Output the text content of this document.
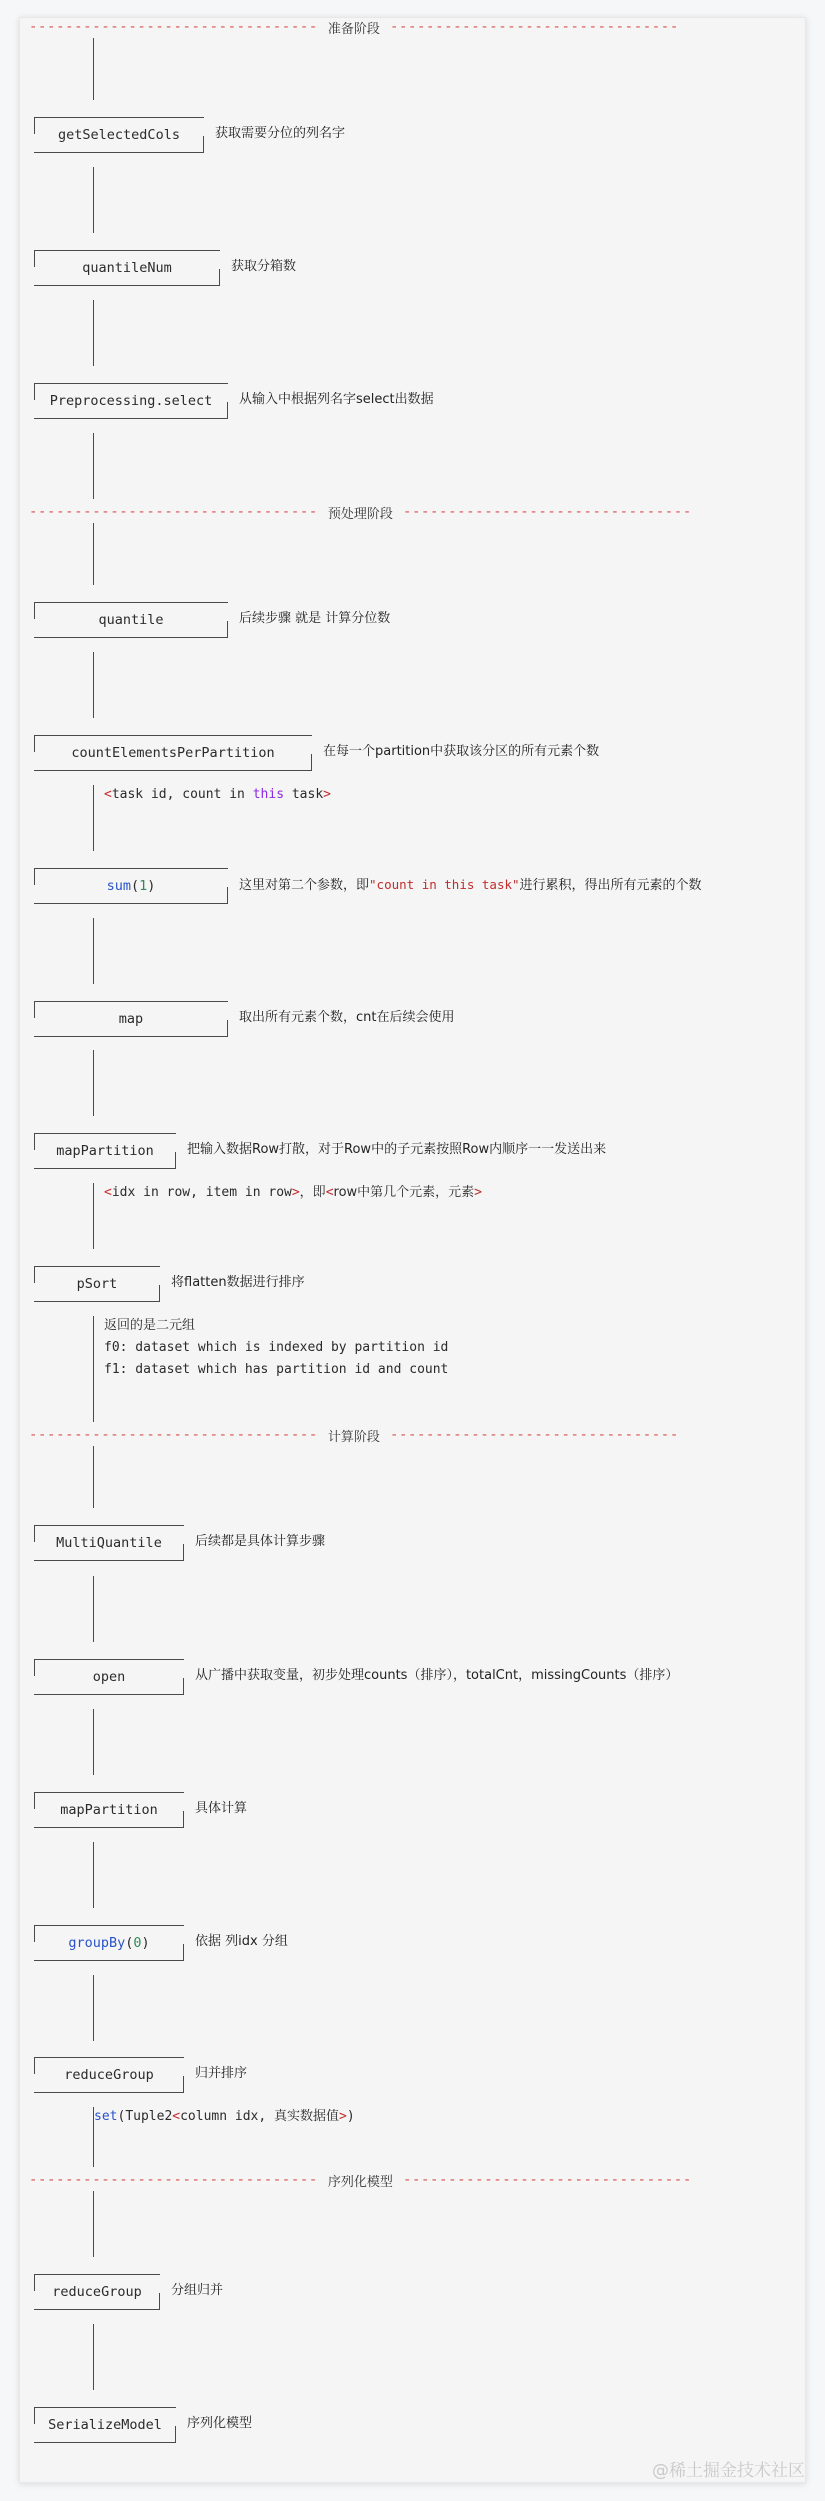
-------------------------------- 准备阶段 --------------------------------
-------------------------------- 预处理阶段 --------------------------------
-------------------------------- 计算阶段 --------------------------------
-------------------------------- 序列化模型 --------------------------------
getSelectedCols	获取需要分位的列名字
quantileNum	获取分箱数
Preprocessing.select 从输入中根据列名字select出数据
quantile	后续步骤 就是 计算分位数
countElementsPerPartition	在每一个partition中获取该分区的所有元素个数
<task id, count in this task>
sum ( 1 )	这里对第二个参数，即"count in this task"进行累积，得出所有元素的个数
map	取出所有元素个数，cnt在后续会使用
mapPartition	把输入数据Row打散，对于Row中的子元素按照Row内顺序一一发送出来
<idx in row, item in row>，即<row中第几个元素，元素>
pSort	将flatten数据进行排序
返回的是二元组
f0: dataset which is indexed by partition id
f1: dataset which has partition id and count
MultiQuantile	后续都是具体计算步骤
open	从广播中获取变量，初步处理counts（排序），totalCnt，missingCounts（排序）
mapPartition	具体计算
groupBy ( 0 )	依据 列idx 分组
reduceGroup	归并排序
set(Tuple2<column idx, 真实数据值>)
reduceGroup 分组归并
SerializeModel 序列化模型
@稀土掘金技术社区
